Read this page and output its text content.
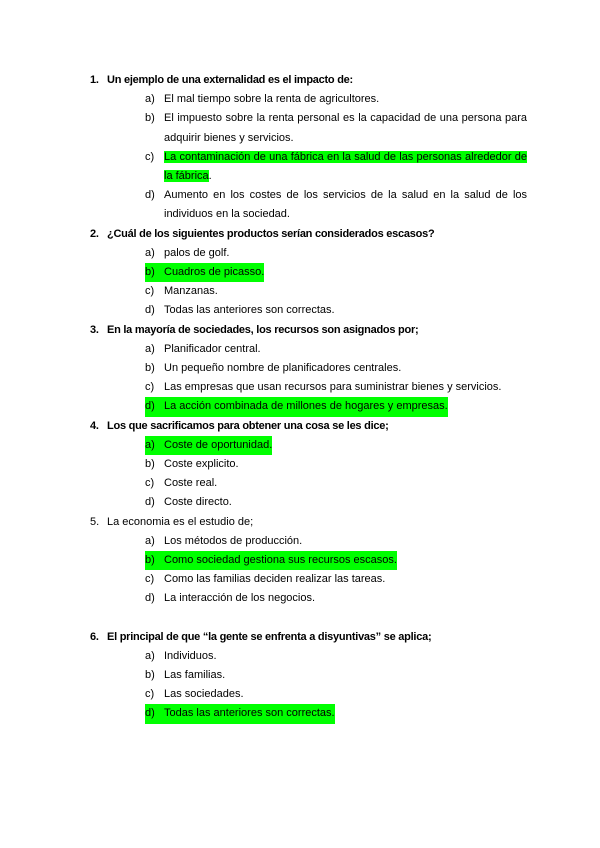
1. Un ejemplo de una externalidad es el impacto de:
a) El mal tiempo sobre la renta de agricultores.
b) El impuesto sobre la renta personal es la capacidad de una persona para adquirir bienes y servicios.
c) La contaminación de una fábrica en la salud de las personas alrededor de la fábrica.
d) Aumento en los costes de los servicios de la salud en la salud de los individuos en la sociedad.
2. ¿Cuál de los siguientes productos serían considerados escasos?
a) palos de golf.
b) Cuadros de picasso.
c) Manzanas.
d) Todas las anteriores son correctas.
3. En la mayoría de sociedades, los recursos son asignados por;
a) Planificador central.
b) Un pequeño nombre de planificadores centrales.
c) Las empresas que usan recursos para suministrar bienes y servicios.
d) La acción combinada de millones de hogares y empresas.
4. Los que sacrificamos para obtener una cosa se les dice;
a) Coste de oportunidad.
b) Coste explicito.
c) Coste real.
d) Coste directo.
5. La economia es el estudio de;
a) Los métodos de producción.
b) Como sociedad gestiona sus recursos escasos.
c) Como las familias deciden realizar las tareas.
d) La interacción de los negocios.
6. El principal de que “la gente se enfrenta a disyuntivas” se aplica;
a) Individuos.
b) Las familias.
c) Las sociedades.
d) Todas las anteriores son correctas.
